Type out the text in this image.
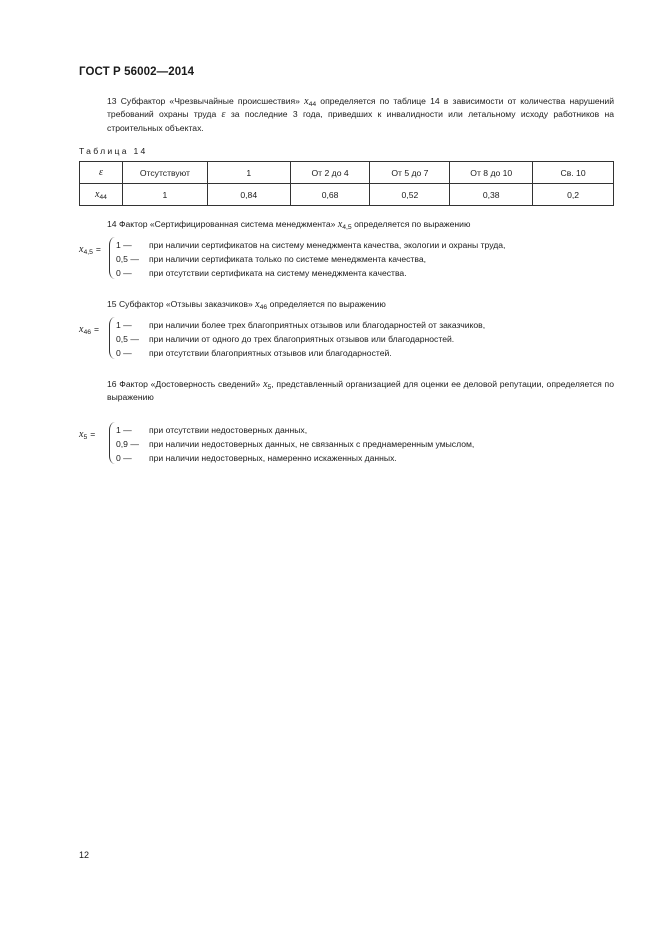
ГОСТ Р 56002—2014
13 Субфактор «Чрезвычайные происшествия» $x_{44}$ определяется по таблице 14 в зависимости от количества нарушений требований охраны труда ε за последние 3 года, приведших к инвалидности или летальному исходу работников на строительных объектах.
Таблица 14
ε	Отсутствуют	1	От 2 до 4	От 5 до 7	От 8 до 10	Св. 10
$x_{44}$	1	0,84	0,68	0,52	0,38	0,2
14 Фактор «Сертифицированная система менеджмента» $x_{4,5}$ определяется по выражению
$x_{4,5} = 1$ — при наличии сертификатов на систему менеджмента качества, экологии и охраны труда,
0,5 — при наличии сертификата только по системе менеджмента качества,
0 — при отсутствии сертификата на систему менеджмента качества.
15 Субфактор «Отзывы заказчиков» $x_{46}$ определяется по выражению
$x_{46} = 1$ — при наличии более трех благоприятных отзывов или благодарностей от заказчиков,
0,5 — при наличии от одного до трех благоприятных отзывов или благодарностей.
0 — при отсутствии благоприятных отзывов или благодарностей.
16 Фактор «Достоверность сведений» $x_5$, представленный организацией для оценки ее деловой репутации, определяется по выражению
$x_5 = 1$ — при отсутствии недостоверных данных,
0,9 — при наличии недостоверных данных, не связанных с преднамеренным умыслом,
0 — при наличии недостоверных, намеренно искаженных данных.
12
